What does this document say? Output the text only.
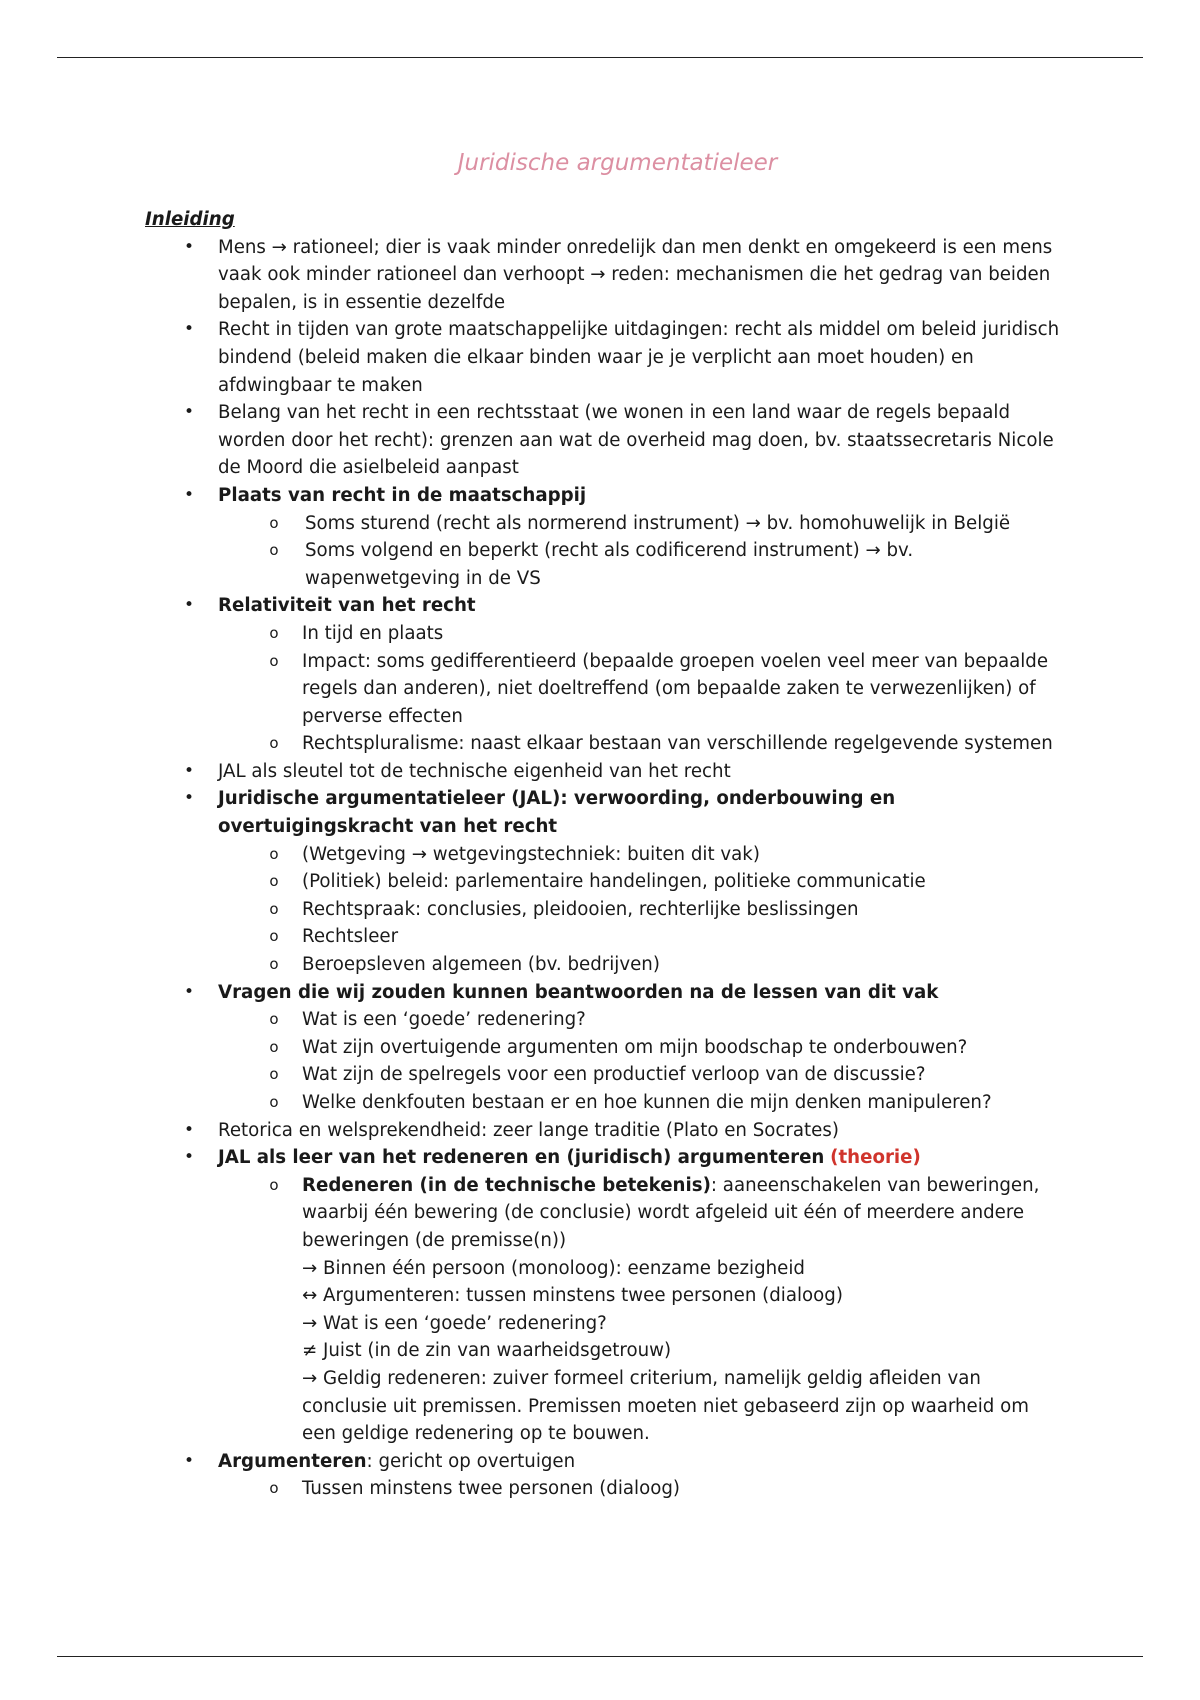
Juridische argumentatieleer

Inleiding

• Mens → rationeel; dier is vaak minder onredelijk dan men denkt en omgekeerd is een mens vaak ook minder rationeel dan verhoopt → reden: mechanismen die het gedrag van beiden bepalen, is in essentie dezelfde
• Recht in tijden van grote maatschappelijke uitdagingen: recht als middel om beleid juridisch bindend (beleid maken die elkaar binden waar je je verplicht aan moet houden) en afdwingbaar te maken
• Belang van het recht in een rechtsstaat (we wonen in een land waar de regels bepaald worden door het recht): grenzen aan wat de overheid mag doen, bv. staatssecretaris Nicole de Moord die asielbeleid aanpast
• Plaats van recht in de maatschappij
o Soms sturend (recht als normerend instrument) → bv. homohuwelijk in België
o Soms volgend en beperkt (recht als codificerend instrument) → bv. wapenwetgeving in de VS
• Relativiteit van het recht
o In tijd en plaats
o Impact: soms gedifferentieerd (bepaalde groepen voelen veel meer van bepaalde regels dan anderen), niet doeltreffend (om bepaalde zaken te verwezenlijken) of perverse effecten
o Rechtspluralisme: naast elkaar bestaan van verschillende regelgevende systemen
• JAL als sleutel tot de technische eigenheid van het recht
• Juridische argumentatieleer (JAL): verwoording, onderbouwing en overtuigingskracht van het recht
o (Wetgeving → wetgevingstechniek: buiten dit vak)
o (Politiek) beleid: parlementaire handelingen, politieke communicatie
o Rechtspraak: conclusies, pleidooien, rechterlijke beslissingen
o Rechtsleer
o Beroepsleven algemeen (bv. bedrijven)
• Vragen die wij zouden kunnen beantwoorden na de lessen van dit vak
o Wat is een ‘goede’ redenering?
o Wat zijn overtuigende argumenten om mijn boodschap te onderbouwen?
o Wat zijn de spelregels voor een productief verloop van de discussie?
o Welke denkfouten bestaan er en hoe kunnen die mijn denken manipuleren?
• Retorica en welsprekendheid: zeer lange traditie (Plato en Socrates)
• JAL als leer van het redeneren en (juridisch) argumenteren (theorie)
o Redeneren (in de technische betekenis): aaneenschakelen van beweringen, waarbij één bewering (de conclusie) wordt afgeleid uit één of meerdere andere beweringen (de premisse(n))
→ Binnen één persoon (monoloog): eenzame bezigheid
↔ Argumenteren: tussen minstens twee personen (dialoog)
→ Wat is een ‘goede’ redenering?
≠ Juist (in de zin van waarheidsgetrouw)
→ Geldig redeneren: zuiver formeel criterium, namelijk geldig afleiden van conclusie uit premissen. Premissen moeten niet gebaseerd zijn op waarheid om een geldige redenering op te bouwen.
• Argumenteren: gericht op overtuigen
o Tussen minstens twee personen (dialoog)
